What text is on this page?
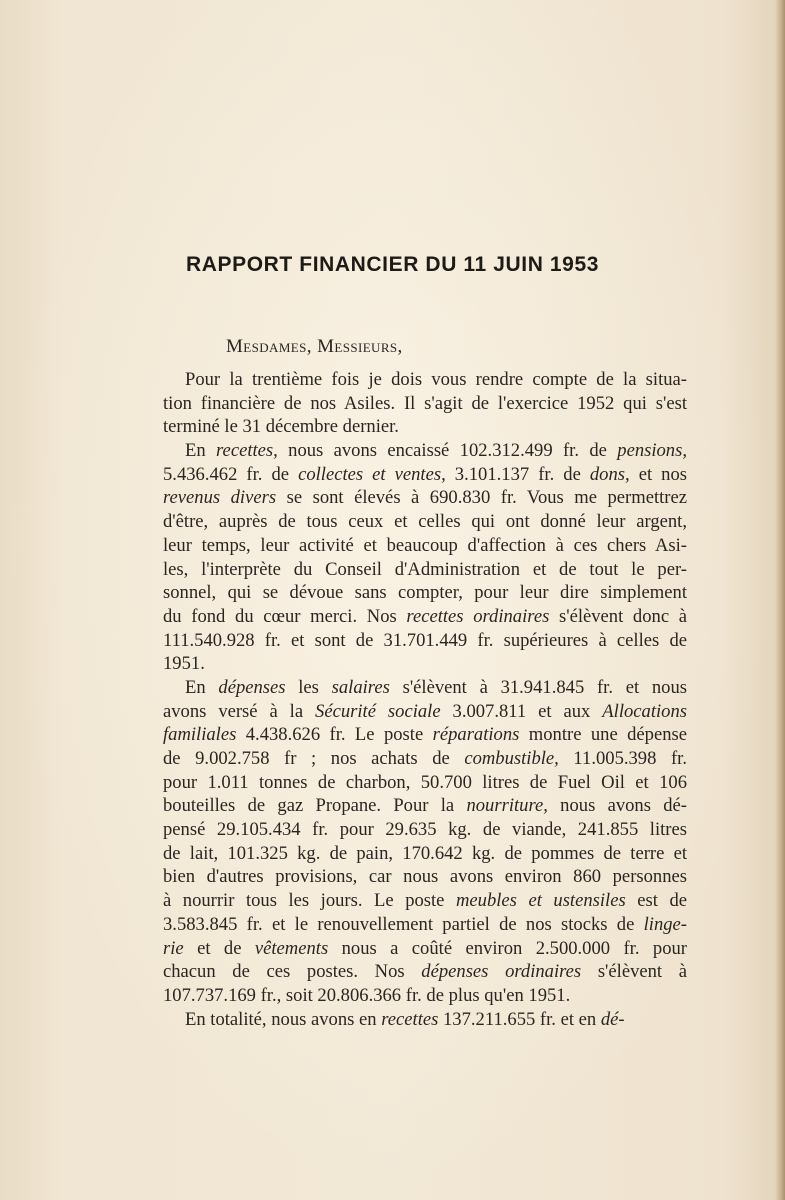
RAPPORT FINANCIER DU 11 JUIN 1953
Mesdames, Messieurs,
Pour la trentième fois je dois vous rendre compte de la situa-
tion financière de nos Asiles. Il s'agit de l'exercice 1952 qui s'est
terminé le 31 décembre dernier.
En recettes, nous avons encaissé 102.312.499 fr. de pensions,
5.436.462 fr. de collectes et ventes, 3.101.137 fr. de dons, et nos
revenus divers se sont élevés à 690.830 fr. Vous me permettrez
d'être, auprès de tous ceux et celles qui ont donné leur argent,
leur temps, leur activité et beaucoup d'affection à ces chers Asi-
les, l'interprète du Conseil d'Administration et de tout le per-
sonnel, qui se dévoue sans compter, pour leur dire simplement
du fond du cœur merci. Nos recettes ordinaires s'élèvent donc à
111.540.928 fr. et sont de 31.701.449 fr. supérieures à celles de
1951.
En dépenses les salaires s'élèvent à 31.941.845 fr. et nous
avons versé à la Sécurité sociale 3.007.811 et aux Allocations
familiales 4.438.626 fr. Le poste réparations montre une dépense
de 9.002.758 fr ; nos achats de combustible, 11.005.398 fr.
pour 1.011 tonnes de charbon, 50.700 litres de Fuel Oil et 106
bouteilles de gaz Propane. Pour la nourriture, nous avons dé-
pensé 29.105.434 fr. pour 29.635 kg. de viande, 241.855 litres
de lait, 101.325 kg. de pain, 170.642 kg. de pommes de terre et
bien d'autres provisions, car nous avons environ 860 personnes
à nourrir tous les jours. Le poste meubles et ustensiles est de
3.583.845 fr. et le renouvellement partiel de nos stocks de linge-
rie et de vêtements nous a coûté environ 2.500.000 fr. pour
chacun de ces postes. Nos dépenses ordinaires s'élèvent à
107.737.169 fr., soit 20.806.366 fr. de plus qu'en 1951.
En totalité, nous avons en recettes 137.211.655 fr. et en dé-
